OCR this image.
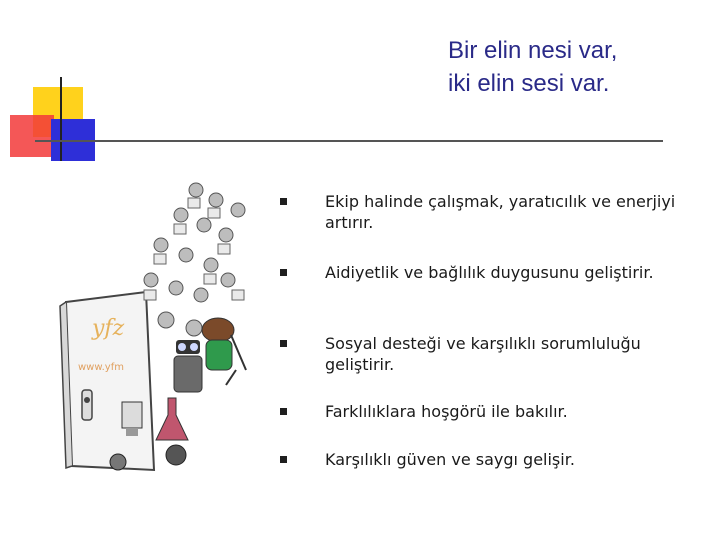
Bir elin nesi var,
iki elin sesi var.
yfz
www.yfm
Ekip halinde çalışmak, yaratıcılık ve enerjiyi artırır.
Aidiyetlik ve bağlılık duygusunu geliştirir.
Sosyal desteği ve karşılıklı sorumluluğu geliştirir.
Farklılıklara hoşgörü ile bakılır.
Karşılıklı güven ve saygı gelişir.
